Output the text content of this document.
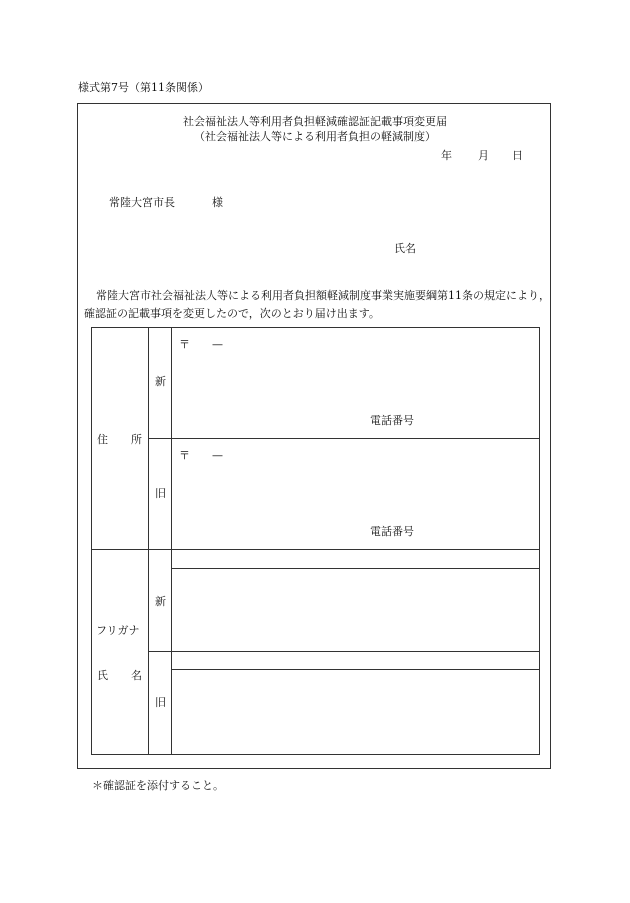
様式第7号（第11条関係）
社会福祉法人等利用者負担軽減確認証記載事項変更届
（社会福祉法人等による利用者負担の軽減制度）
年 月 日
常陸大宮市長	様
氏名
常陸大宮市社会福祉法人等による利用者負担額軽減制度事業実施要綱第11条の規定により，確認証の記載事項を変更したので，次のとおり届け出ます。
住 所
新
〒 —
電話番号
旧
〒 —
電話番号
フリガナ
氏 名
新
旧
＊確認証を添付すること。
